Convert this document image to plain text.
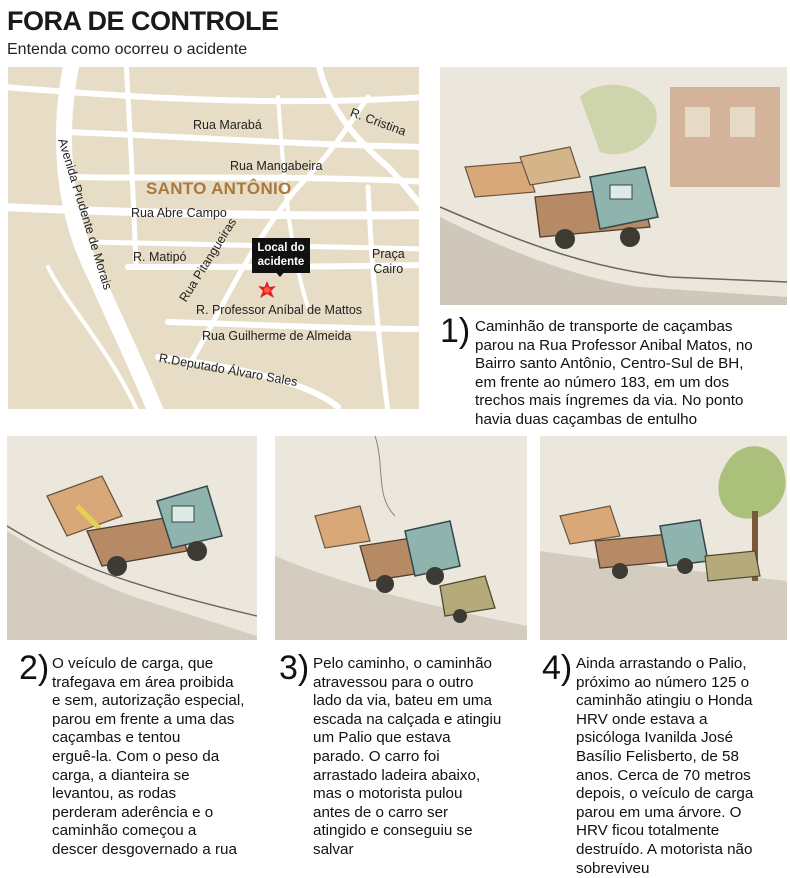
FORA DE CONTROLE
Entenda como ocorreu o acidente
Avenida Prudente de Morais
Rua Marabá	R. Cristina
Rua Mangabeira
SANTO ANTÔNIO
Rua Abre Campo
Rua Pitangueiras
R. Matipó	Praça
Cairo
Local do
acidente
R. Professor Aníbal de Mattos
Rua Guilherme de Almeida
R.Deputado Álvaro Sales
1) Caminhão de transporte de caçambas
parou na Rua Professor Anibal Matos, no
Bairro santo Antônio, Centro-Sul de BH,
em frente ao número 183, em um dos
trechos mais íngremes da via. No ponto
havia duas caçambas de entulho
2) O veículo de carga, que
trafegava em área proibida
e sem, autorização especial,
parou em frente a uma das
caçambas e tentou
erguê-la. Com o peso da
carga, a dianteira se
levantou, as rodas
perderam aderência e o
caminhão começou a
descer desgovernado a rua
3) Pelo caminho, o caminhão
atravessou para o outro
lado da via, bateu em uma
escada na calçada e atingiu
um Palio que estava
parado. O carro foi
arrastado ladeira abaixo,
mas o motorista pulou
antes de o carro ser
atingido e conseguiu se
salvar
4) Ainda arrastando o Palio,
próximo ao número 125 o
caminhão atingiu o Honda
HRV onde estava a
psicóloga Ivanilda José
Basílio Felisberto, de 58
anos. Cerca de 70 metros
depois, o veículo de carga
parou em uma árvore. O
HRV ficou totalmente
destruído. A motorista não
sobreviveu
